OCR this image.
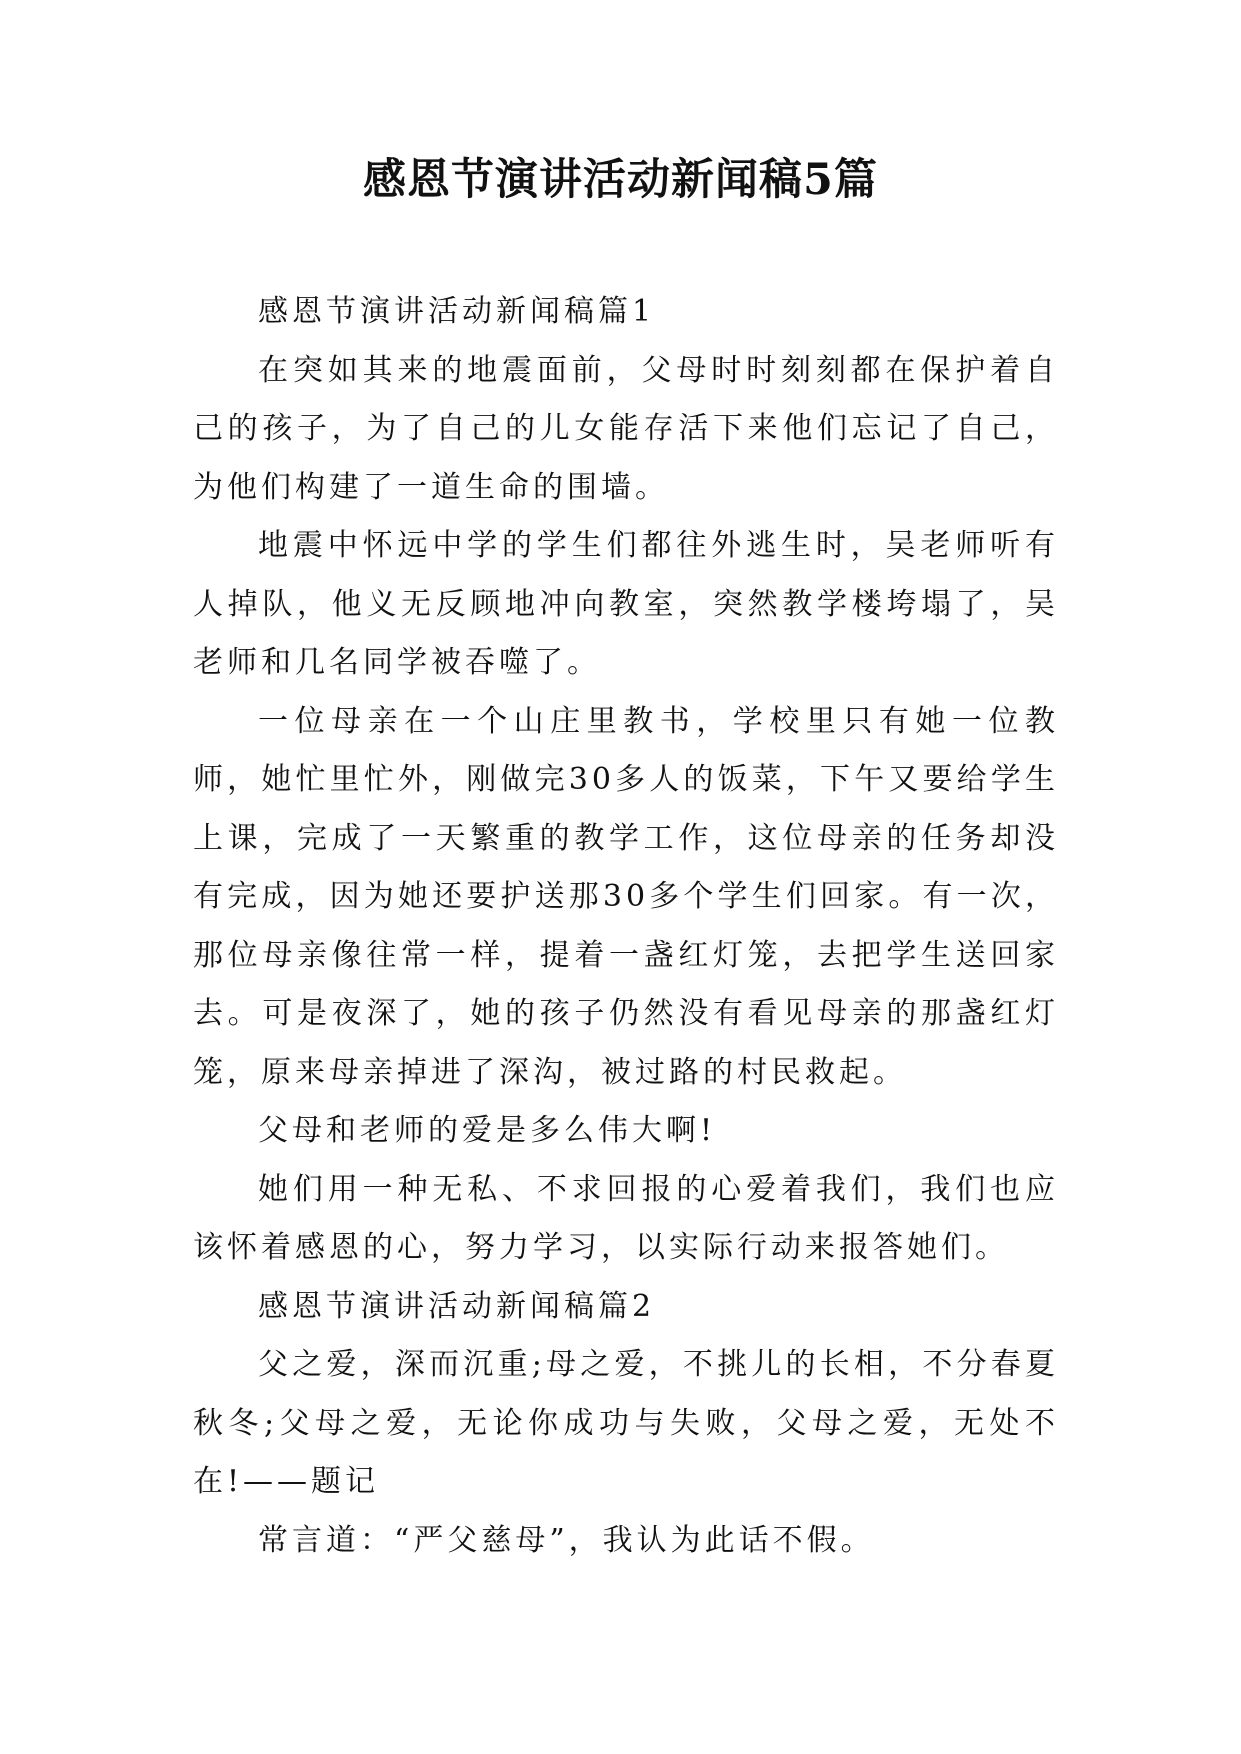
感恩节演讲活动新闻稿5篇

感恩节演讲活动新闻稿篇1

在突如其来的地震面前，父母时时刻刻都在保护着自己的孩子，为了自己的儿女能存活下来他们忘记了自己，为他们构建了一道生命的围墙。

地震中怀远中学的学生们都往外逃生时，吴老师听有人掉队，他义无反顾地冲向教室，突然教学楼垮塌了，吴老师和几名同学被吞噬了。

一位母亲在一个山庄里教书，学校里只有她一位教师，她忙里忙外，刚做完30多人的饭菜，下午又要给学生上课，完成了一天繁重的教学工作，这位母亲的任务却没有完成，因为她还要护送那30多个学生们回家。有一次，那位母亲像往常一样，提着一盏红灯笼，去把学生送回家去。可是夜深了，她的孩子仍然没有看见母亲的那盏红灯笼，原来母亲掉进了深沟，被过路的村民救起。

父母和老师的爱是多么伟大啊!

她们用一种无私、不求回报的心爱着我们，我们也应该怀着感恩的心，努力学习，以实际行动来报答她们。

感恩节演讲活动新闻稿篇2

父之爱，深而沉重;母之爱，不挑儿的长相，不分春夏秋冬;父母之爱，无论你成功与失败，父母之爱，无处不在!——题记

常言道：“严父慈母”，我认为此话不假。
